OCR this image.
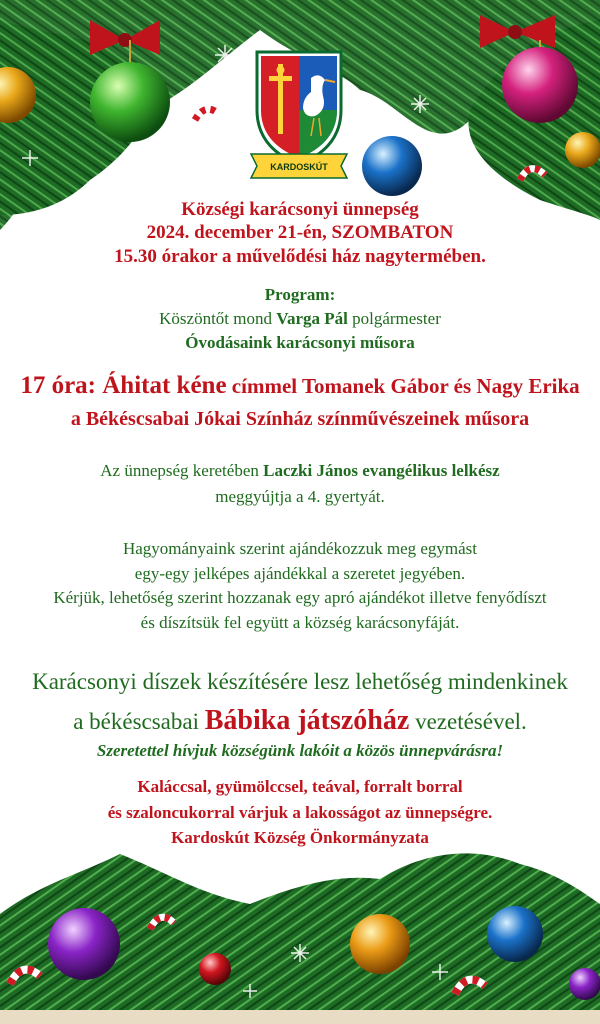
KARDOSKÚT
Községi karácsonyi ünnepség
2024. december 21-én, SZOMBATON
15.30 órakor a művelődési ház nagytermében.
Program:
Köszöntőt mond Varga Pál polgármester
Óvodásaink karácsonyi műsora
17 óra: Áhitat kéne címmel Tomanek Gábor és Nagy Erika
a Békéscsabai Jókai Színház színművészeinek műsora
Az ünnepség keretében Laczki János evangélikus lelkész
meggyújtja a 4. gyertyát.
Hagyományaink szerint ajándékozzuk meg egymást
egy-egy jelképes ajándékkal a szeretet jegyében.
Kérjük, lehetőség szerint hozzanak egy apró ajándékot illetve fenyődíszt
és díszítsük fel együtt a község karácsonyfáját.
Karácsonyi díszek készítésére lesz lehetőség mindenkinek
a békéscsabai Bábika játszóház vezetésével.
Szeretettel hívjuk községünk lakóit a közös ünnepvárásra!
Kaláccsal, gyümölccsel, teával, forralt borral
és szaloncukorral várjuk a lakosságot az ünnepségre.
Kardoskút Község Önkormányzata
